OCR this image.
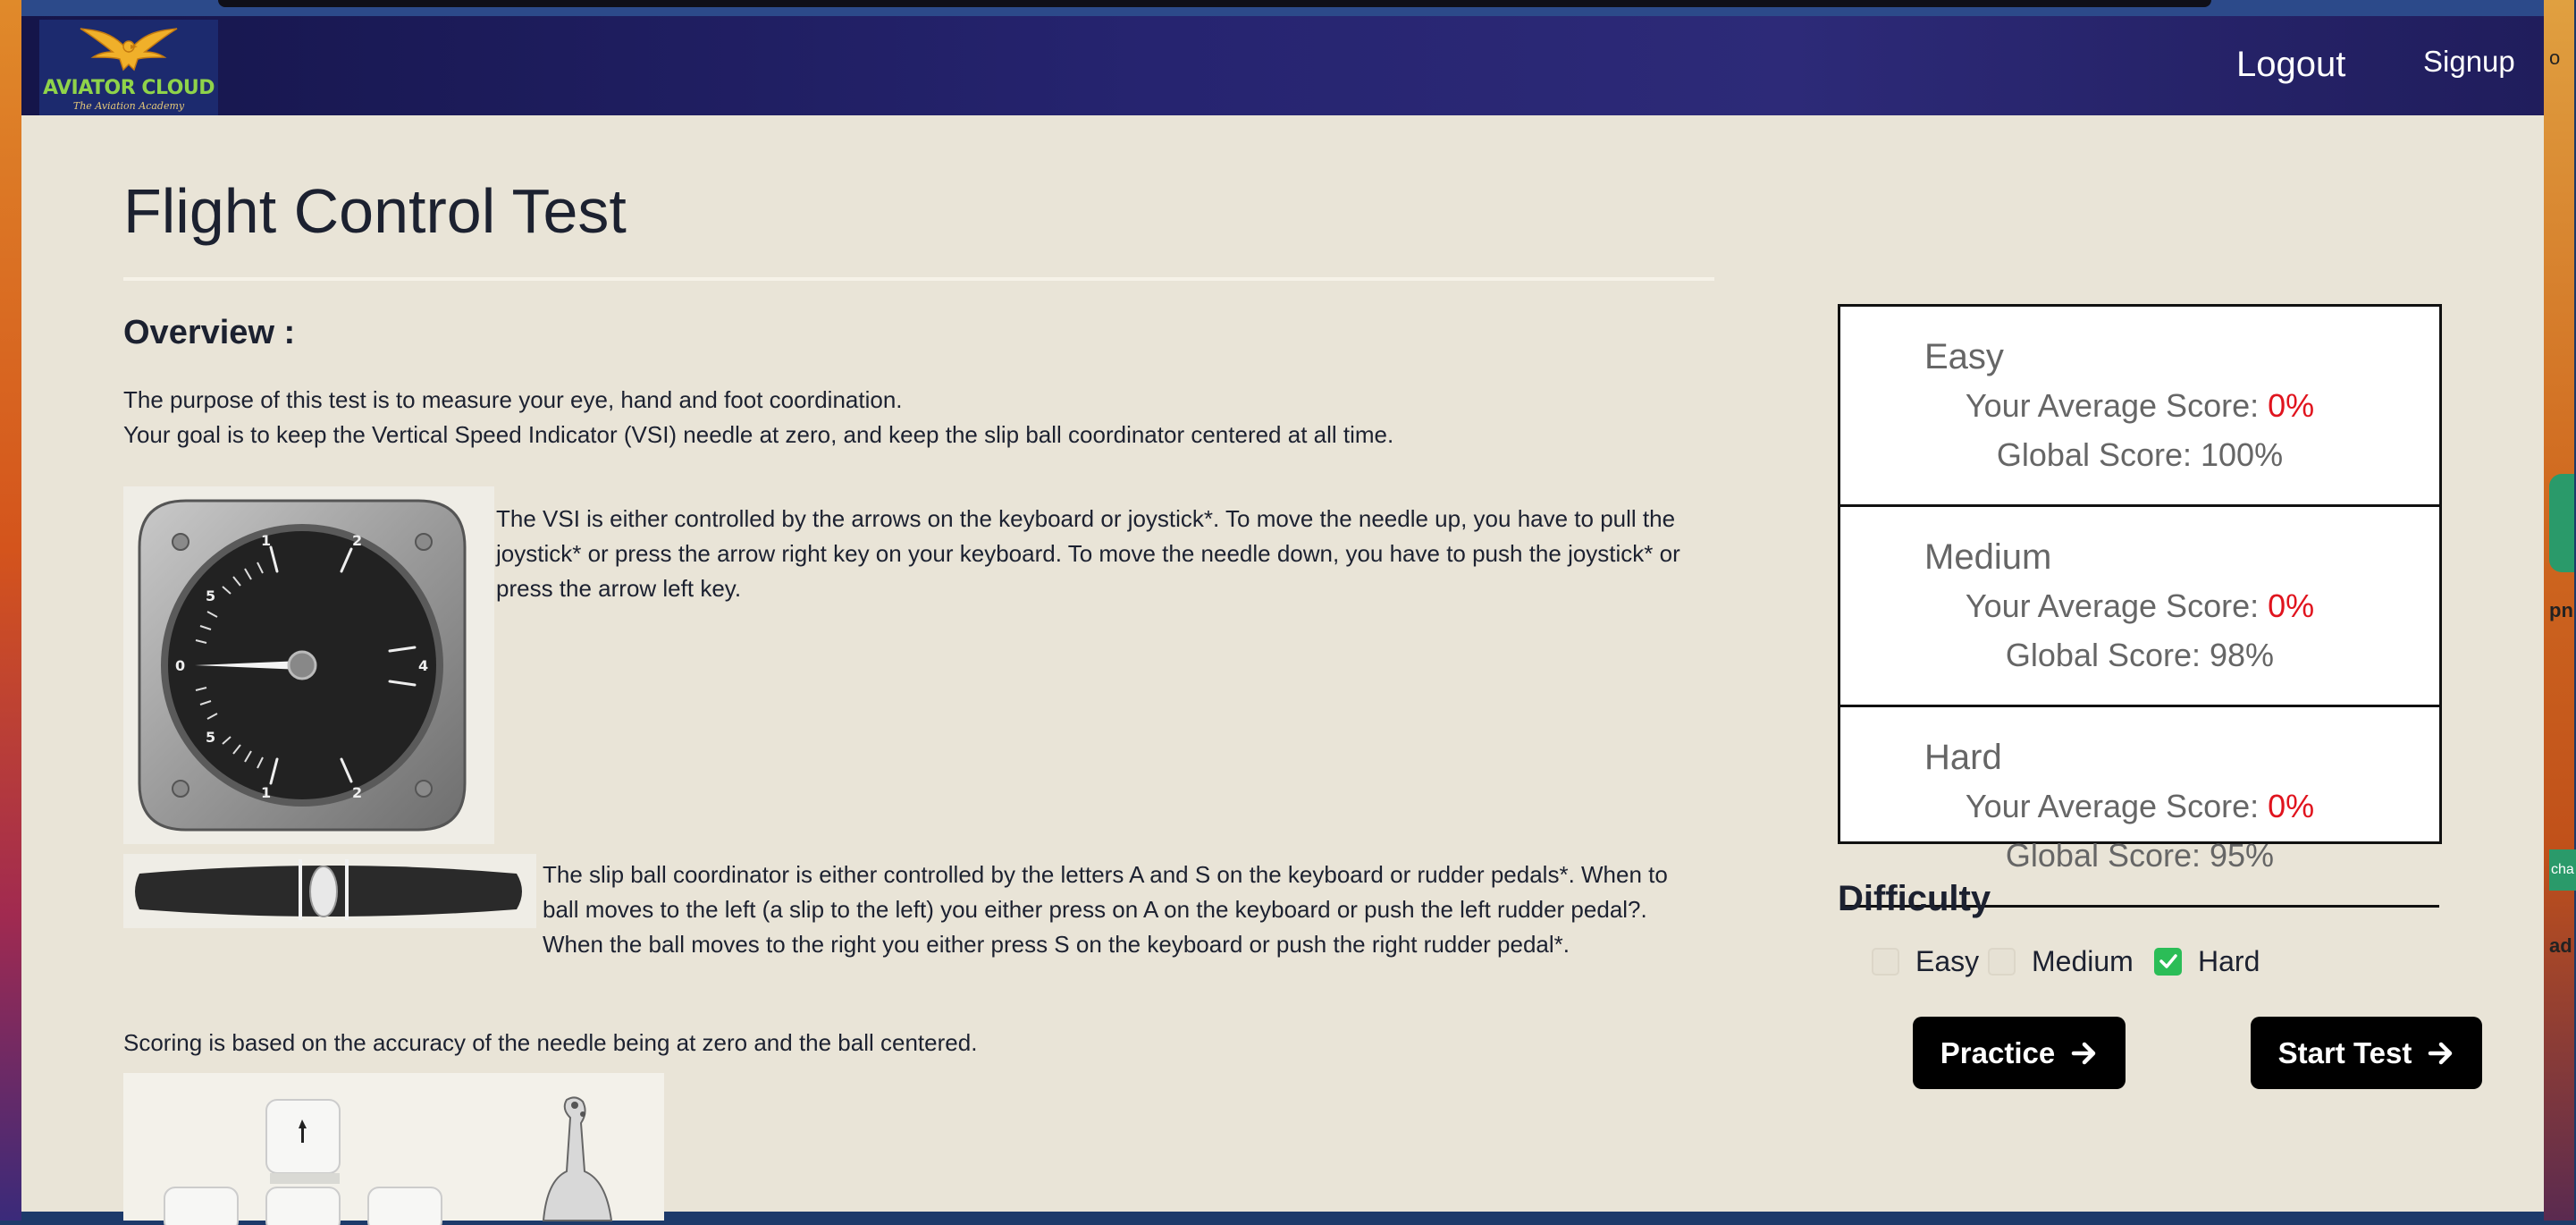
o
pn
cha
ad
AVIATOR CLOUD
The Aviation Academy
Logout	Signup
Flight Control Test
Overview :

The purpose of this test is to measure your eye, hand and foot coordination.

Your goal is to keep the Vertical Speed Indicator (VSI) needle at zero, and keep the slip ball coordinator centered at all time.

1	2
5
0	4
5
1	2

The VSI is either controlled by the arrows on the keyboard or joystick*. To move the needle up, you have to pull the joystick* or press the arrow right key on your keyboard. To move the needle down, you have to push the joystick* or press the arrow left key.

The slip ball coordinator is either controlled by the letters A and S on the keyboard or rudder pedals*. When to ball moves to the left (a slip to the left) you either press on A on the keyboard or push the left rudder pedal?. When the ball moves to the right you either press S on the keyboard or push the right rudder pedal*.

Scoring is based on the accuracy of the needle being at zero and the ball centered.

Easy
Your Average Score: 0%
Global Score: 100%
Medium
Your Average Score: 0%
Global Score: 98%
Hard
Your Average Score: 0%
Global Score: 95%
Difficulty
Easy Medium Hard
Practice	Start Test
